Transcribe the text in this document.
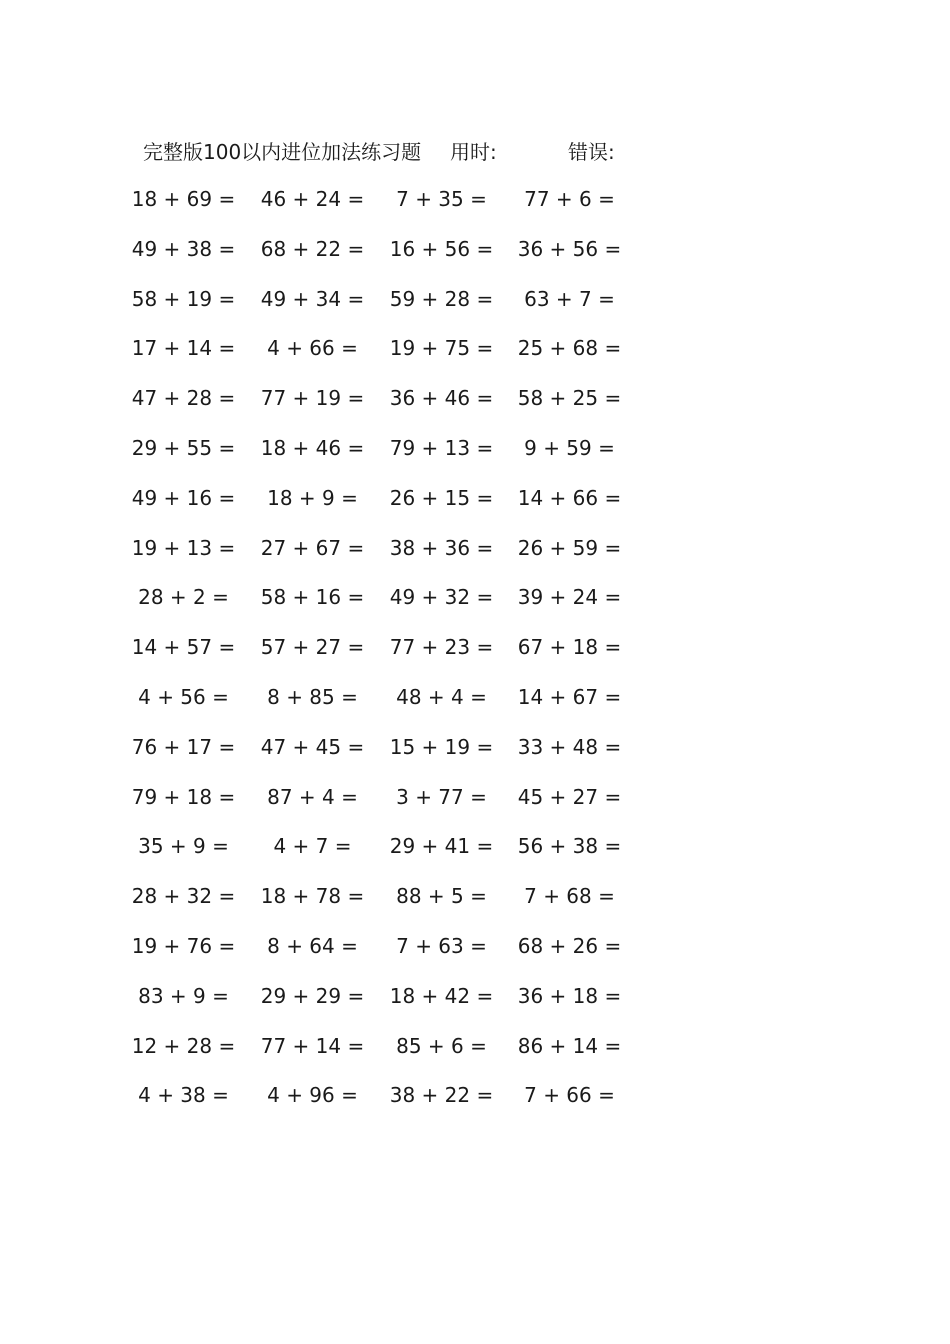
完整版100以内进位加法练习题 用时:	错误:
18 + 69 = 46 + 24 =	7 + 35 =	77 + 6 =
49 + 38 = 68 + 22 = 16 + 56 = 36 + 56 =
58 + 19 = 49 + 34 = 59 + 28 =	63 + 7 =
17 + 14 =	4 + 66 =	19 + 75 = 25 + 68 =
47 + 28 = 77 + 19 = 36 + 46 = 58 + 25 =
29 + 55 = 18 + 46 = 79 + 13 =	9 + 59 =
49 + 16 =	18 + 9 =	26 + 15 = 14 + 66 =
19 + 13 = 27 + 67 = 38 + 36 = 26 + 59 =
28 + 2 =	58 + 16 = 49 + 32 = 39 + 24 =
14 + 57 = 57 + 27 = 77 + 23 = 67 + 18 =
4 + 56 =	8 + 85 =	48 + 4 =	14 + 67 =
76 + 17 = 47 + 45 = 15 + 19 = 33 + 48 =
79 + 18 =	87 + 4 =	3 + 77 =	45 + 27 =
35 + 9 =	4 + 7 =	29 + 41 = 56 + 38 =
28 + 32 = 18 + 78 =	88 + 5 =	7 + 68 =
19 + 76 =	8 + 64 =	7 + 63 =	68 + 26 =
83 + 9 =	29 + 29 = 18 + 42 = 36 + 18 =
12 + 28 = 77 + 14 =	85 + 6 =	86 + 14 =
4 + 38 =	4 + 96 =	38 + 22 =	7 + 66 =
